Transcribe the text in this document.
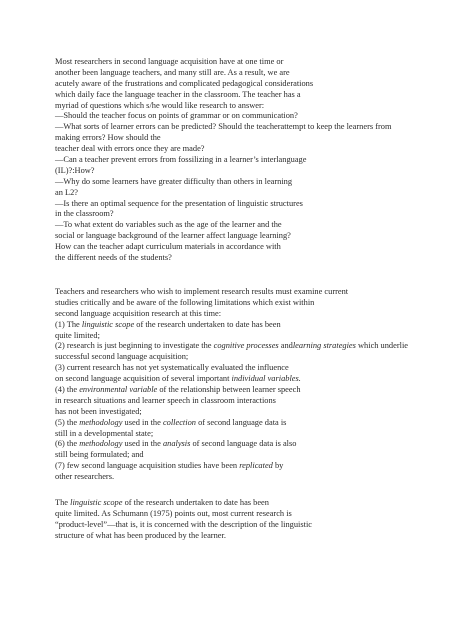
Most researchers in second language acquisition have at one time or
another been language teachers, and many still are. As a result, we are
acutely aware of the frustrations and complicated pedagogical considerations
which daily face the language teacher in the classroom. The teacher has a
myriad of questions which s/he would like research to answer:
—Should the teacher focus on points of grammar or on communication?
—What sorts of learner errors can be predicted? Should the teacherattempt to keep the learners from
making errors? How should the
teacher deal with errors once they are made?
—Can a teacher prevent errors from fossilizing in a learner’s interlanguage
(IL)?:How?
—Why do some learners have greater difficulty than others in learning
an L2?
—Is there an optimal sequence for the presentation of linguistic structures
in the classroom?
—To what extent do variables such as the age of the learner and the
social or language background of the learner affect language learning?
How can the teacher adapt curriculum materials in accordance with
the different needs of the students?
Teachers and researchers who wish to implement research results must examine current
studies critically and be aware of the following limitations which exist within
second language acquisition research at this time:
(1) The linguistic scope of the research undertaken to date has been
quite limited;
(2) research is just beginning to investigate the cognitive processes andlearning strategies which underlie
successful second language acquisition;
(3) current research has not yet systematically evaluated the influence
on second language acquisition of several important individual variables.
(4) the environmental variable of the relationship between learner speech
in research situations and learner speech in classroom interactions
has not been investigated;
(5) the methodology used in the collection of second language data is
still in a developmental state;
(6) the methodology used in the analysis of second language data is also
still being formulated; and
(7) few second language acquisition studies have been replicated by
other researchers.
The linguistic scope of the research undertaken to date has been
quite limited. As Schumann (1975) points out, most current research is
“product-level”—that is, it is concerned with the description of the linguistic
structure of what has been produced by the learner.
